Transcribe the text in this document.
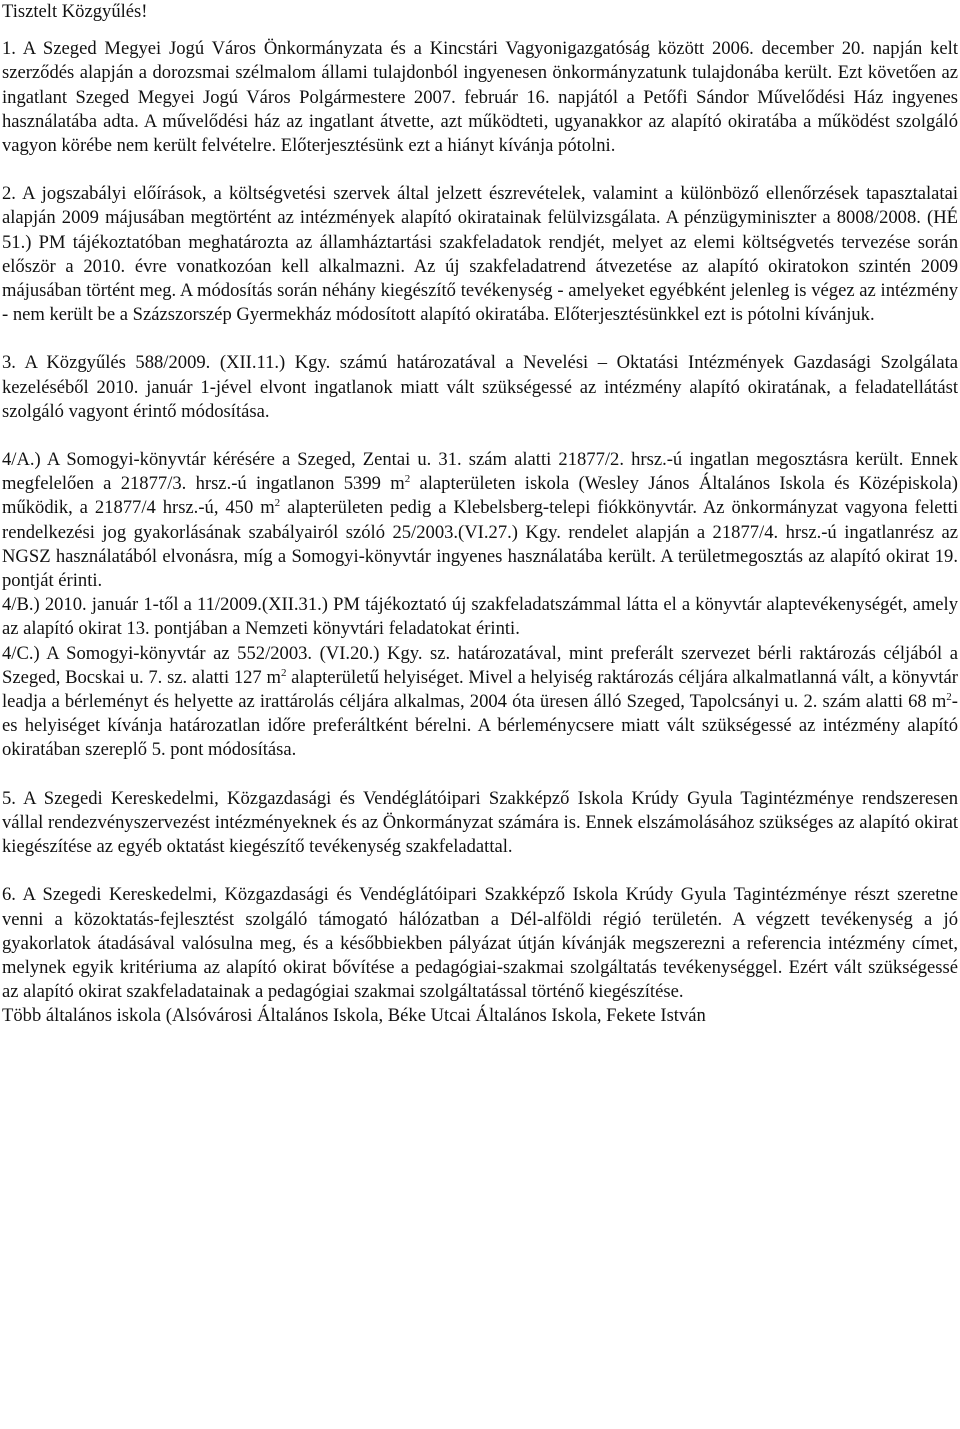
Tisztelt Közgyűlés!

1. A Szeged Megyei Jogú Város Önkormányzata és a Kincstári Vagyonigazgatóság között 2006. december 20. napján kelt szerződés alapján a dorozsmai szélmalom állami tulajdonból ingyenesen önkormányzatunk tulajdonába került. Ezt követően az ingatlant Szeged Megyei Jogú Város Polgármestere 2007. február 16. napjától a Petőfi Sándor Művelődési Ház ingyenes használatába adta. A művelődési ház az ingatlant átvette, azt működteti, ugyanakkor az alapító okiratába a működést szolgáló vagyon körébe nem került felvételre. Előterjesztésünk ezt a hiányt kívánja pótolni.

2. A jogszabályi előírások, a költségvetési szervek által jelzett észrevételek, valamint a különböző ellenőrzések tapasztalatai alapján 2009 májusában megtörtént az intézmények alapító okiratainak felülvizsgálata. A pénzügyminiszter a 8008/2008. (HÉ 51.) PM tájékoztatóban meghatározta az államháztartási szakfeladatok rendjét, melyet az elemi költségvetés tervezése során először a 2010. évre vonatkozóan kell alkalmazni. Az új szakfeladatrend átvezetése az alapító okiratokon szintén 2009 májusában történt meg. A módosítás során néhány kiegészítő tevékenység - amelyeket egyébként jelenleg is végez az intézmény - nem került be a Százszorszép Gyermekház módosított alapító okiratába. Előterjesztésünkkel ezt is pótolni kívánjuk.

3. A Közgyűlés 588/2009. (XII.11.) Kgy. számú határozatával a Nevelési – Oktatási Intézmények Gazdasági Szolgálata kezeléséből 2010. január 1-jével elvont ingatlanok miatt vált szükségessé az intézmény alapító okiratának, a feladatellátást szolgáló vagyont érintő módosítása.

4/A.) A Somogyi-könyvtár kérésére a Szeged, Zentai u. 31. szám alatti 21877/2. hrsz.-ú ingatlan megosztásra került. Ennek megfelelően a 21877/3. hrsz.-ú ingatlanon 5399 $m^2$ alapterületen iskola (Wesley János Általános Iskola és Középiskola) működik, a 21877/4 hrsz.-ú, 450 $m^2$ alapterületen pedig a Klebelsberg-telepi fiókkönyvtár. Az önkormányzat vagyona feletti rendelkezési jog gyakorlásának szabályairól szóló 25/2003.(VI.27.) Kgy. rendelet alapján a 21877/4. hrsz.-ú ingatlanrész az NGSZ használatából elvonásra, míg a Somogyi-könyvtár ingyenes használatába került. A területmegosztás az alapító okirat 19. pontját érinti.

4/B.) 2010. január 1-től a 11/2009.(XII.31.) PM tájékoztató új szakfeladatszámmal látta el a könyvtár alaptevékenységét, amely az alapító okirat 13. pontjában a Nemzeti könyvtári feladatokat érinti.

4/C.) A Somogyi-könyvtár az 552/2003. (VI.20.) Kgy. sz. határozatával, mint preferált szervezet bérli raktározás céljából a Szeged, Bocskai u. 7. sz. alatti 127 $m^2$ alapterületű helyiséget. Mivel a helyiség raktározás céljára alkalmatlanná vált, a könyvtár leadja a bérleményt és helyette az irattárolás céljára alkalmas, 2004 óta üresen álló Szeged, Tapolcsányi u. 2. szám alatti 68 $m^2-es$ helyiséget kívánja határozatlan időre preferáltként bérelni. A bérleménycsere miatt vált szükségessé az intézmény alapító okiratában szereplő 5. pont módosítása.

5. A Szegedi Kereskedelmi, Közgazdasági és Vendéglátóipari Szakképző Iskola Krúdy Gyula Tagintézménye rendszeresen vállal rendezvényszervezést intézményeknek és az Önkormányzat számára is. Ennek elszámolásához szükséges az alapító okirat kiegészítése az egyéb oktatást kiegészítő tevékenység szakfeladattal.

6. A Szegedi Kereskedelmi, Közgazdasági és Vendéglátóipari Szakképző Iskola Krúdy Gyula Tagintézménye részt szeretne venni a közoktatás-fejlesztést szolgáló támogató hálózatban a Dél-alföldi régió területén. A végzett tevékenység a jó gyakorlatok átadásával valósulna meg, és a későbbiekben pályázat útján kívánják megszerezni a referencia intézmény címet, melynek egyik kritériuma az alapító okirat bővítése a pedagógiai-szakmai szolgáltatás tevékenységgel. Ezért vált szükségessé az alapító okirat szakfeladatainak a pedagógiai szakmai szolgáltatással történő kiegészítése.

Több általános iskola (Alsóvárosi Általános Iskola, Béke Utcai Általános Iskola, Fekete István
